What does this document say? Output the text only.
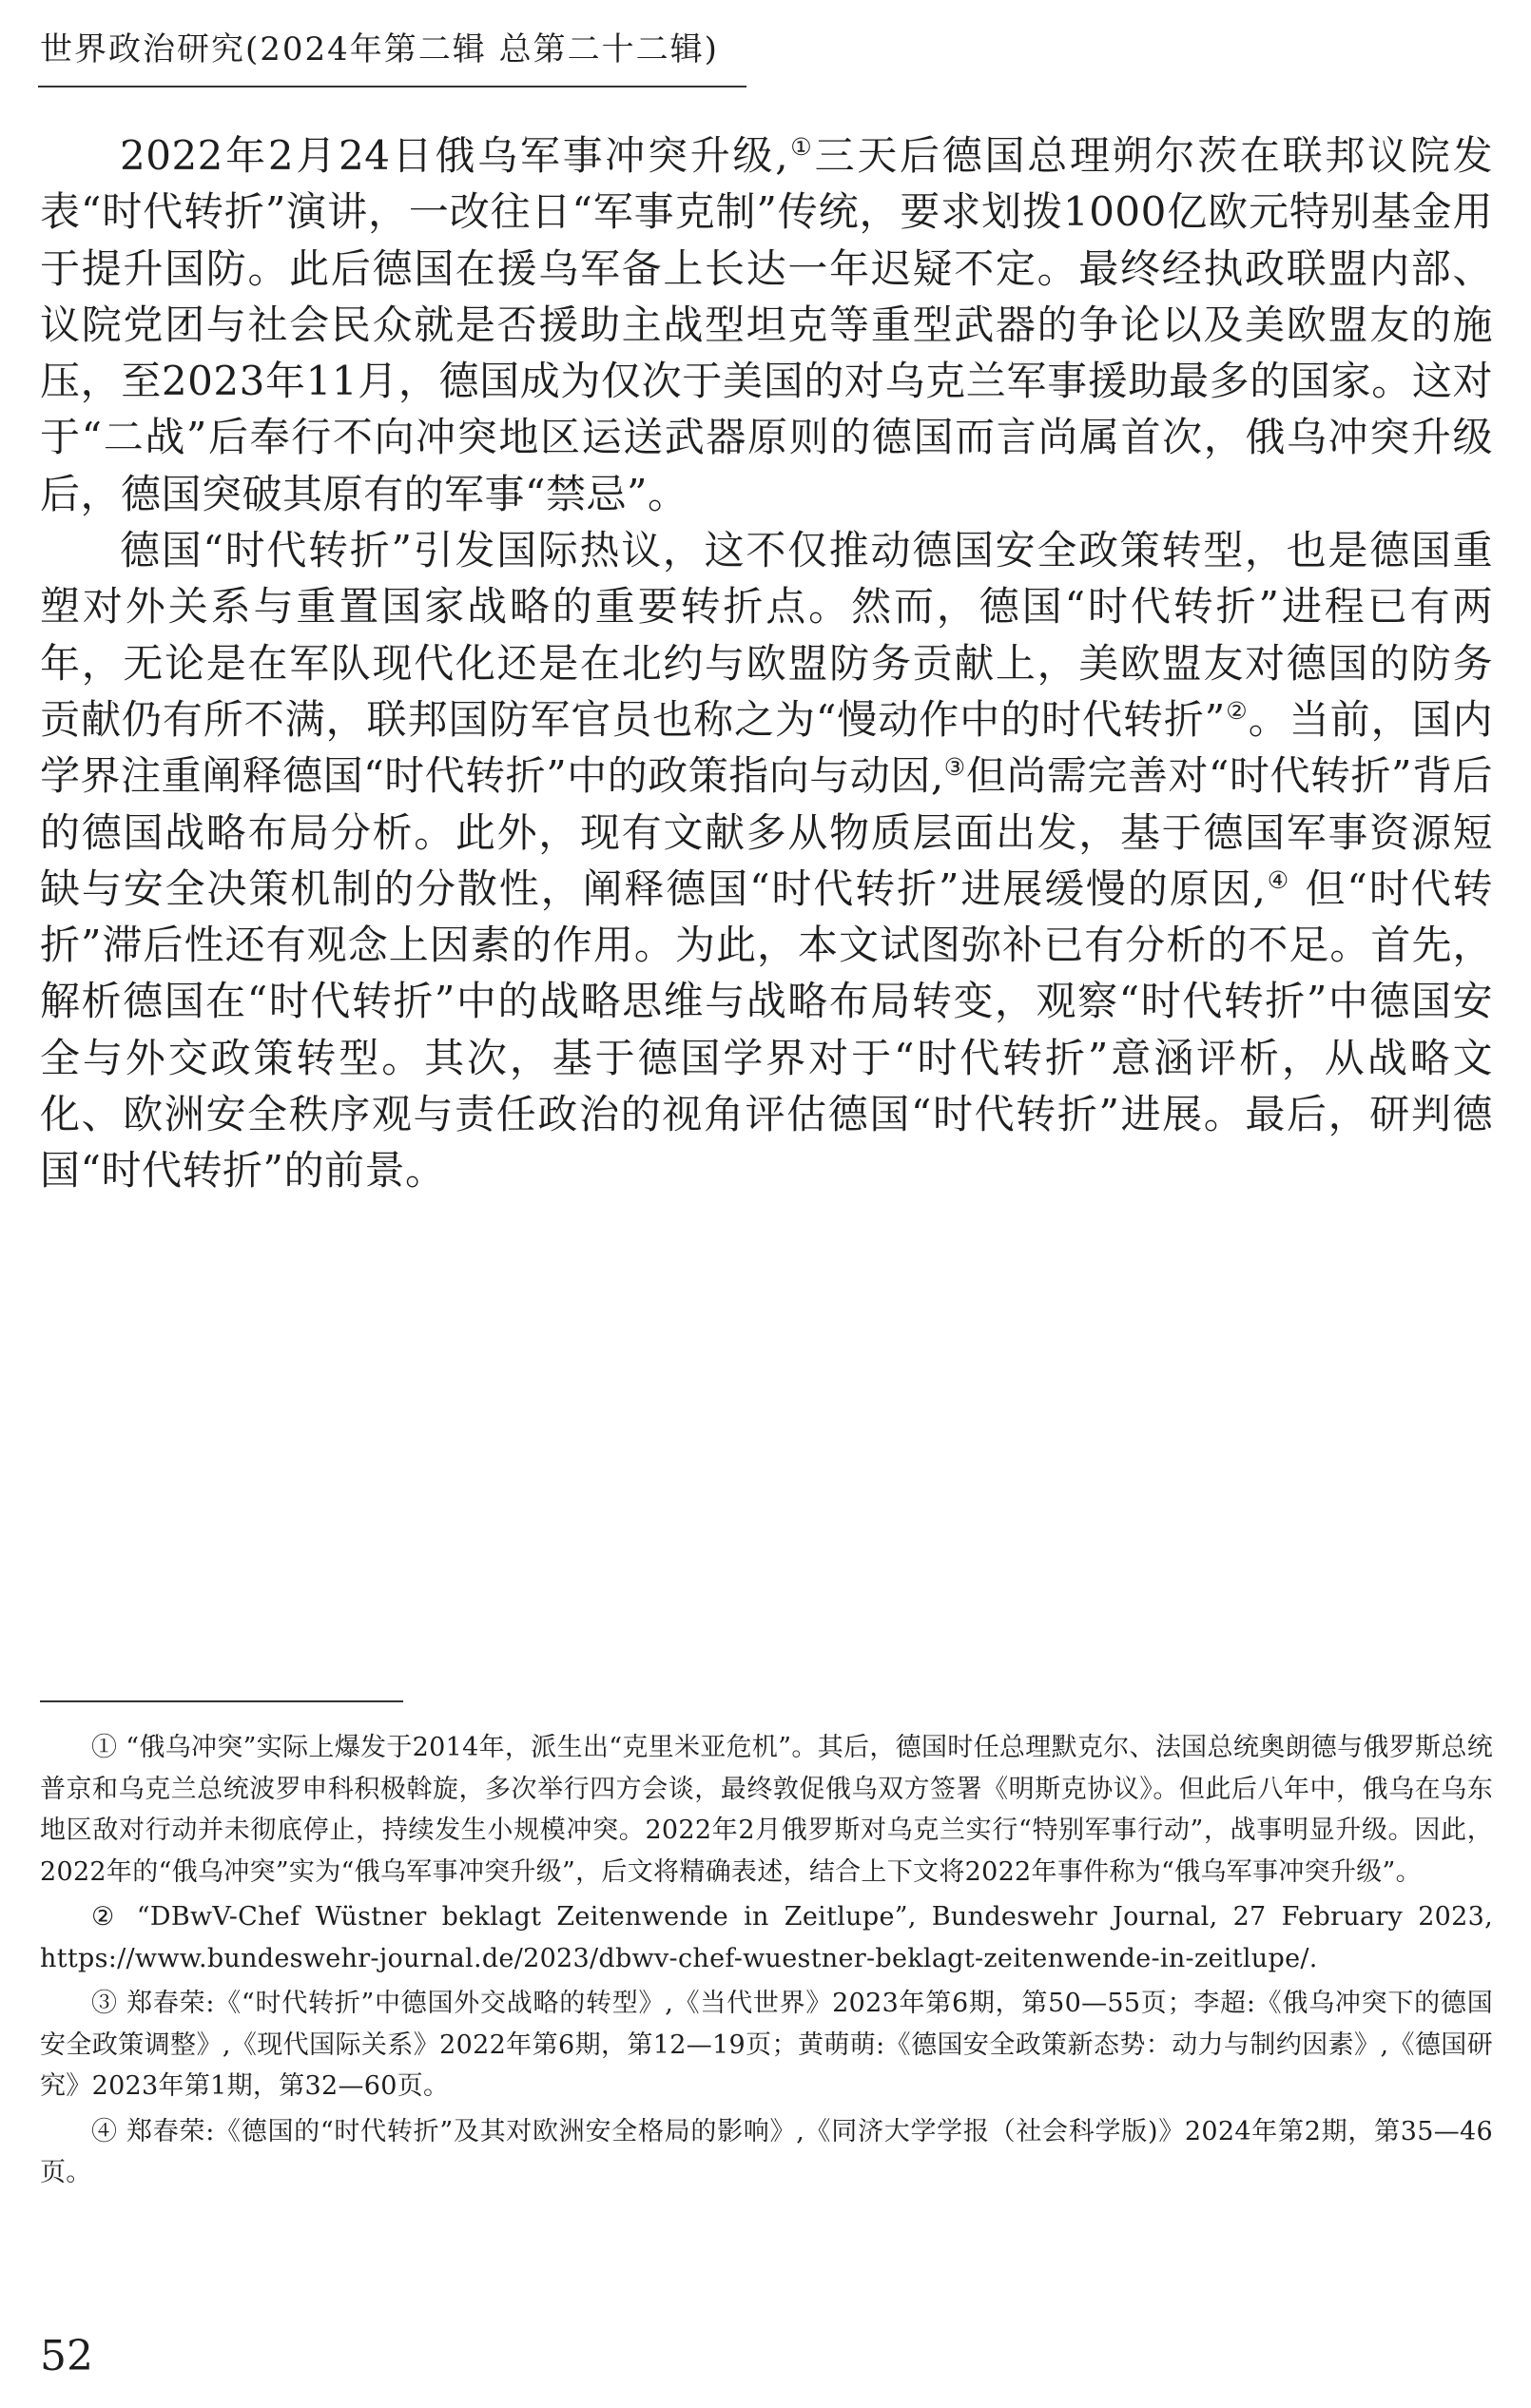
世界政治研究(2024年第二辑 总第二十二辑)

2022年2月24日俄乌军事冲突升级,①三天后德国总理朔尔茨在联邦议院发表“时代转折”演讲，一改往日“军事克制”传统，要求划拨1000亿欧元特别基金用于提升国防。此后德国在援乌军备上长达一年迟疑不定。最终经执政联盟内部、议院党团与社会民众就是否援助主战型坦克等重型武器的争论以及美欧盟友的施压，至2023年11月，德国成为仅次于美国的对乌克兰军事援助最多的国家。这对于“二战”后奉行不向冲突地区运送武器原则的德国而言尚属首次，俄乌冲突升级后，德国突破其原有的军事“禁忌”。

德国“时代转折”引发国际热议，这不仅推动德国安全政策转型，也是德国重塑对外关系与重置国家战略的重要转折点。然而，德国“时代转折”进程已有两年，无论是在军队现代化还是在北约与欧盟防务贡献上，美欧盟友对德国的防务贡献仍有所不满，联邦国防军官员也称之为“慢动作中的时代转折”②。当前，国内学界注重阐释德国“时代转折”中的政策指向与动因,③但尚需完善对“时代转折”背后的德国战略布局分析。此外，现有文献多从物质层面出发，基于德国军事资源短缺与安全决策机制的分散性，阐释德国“时代转折”进展缓慢的原因,④ 但“时代转折”滞后性还有观念上因素的作用。为此，本文试图弥补已有分析的不足。首先，解析德国在“时代转折”中的战略思维与战略布局转变，观察“时代转折”中德国安全与外交政策转型。其次，基于德国学界对于“时代转折”意涵评析，从战略文化、欧洲安全秩序观与责任政治的视角评估德国“时代转折”进展。最后，研判德国“时代转折”的前景。

① “俄乌冲突”实际上爆发于2014年，派生出“克里米亚危机”。其后，德国时任总理默克尔、法国总统奥朗德与俄罗斯总统普京和乌克兰总统波罗申科积极斡旋，多次举行四方会谈，最终敦促俄乌双方签署《明斯克协议》。但此后八年中，俄乌在乌东地区敌对行动并未彻底停止，持续发生小规模冲突。2022年2月俄罗斯对乌克兰实行“特别军事行动”，战事明显升级。因此，2022年的“俄乌冲突”实为“俄乌军事冲突升级”，后文将精确表述，结合上下文将2022年事件称为“俄乌军事冲突升级”。

② “DBwV-Chef Wüstner beklagt Zeitenwende in Zeitlupe”, Bundeswehr Journal, 27 February 2023, https://www.bundeswehr-journal.de/2023/dbwv-chef-wuestner-beklagt-zeitenwende-in-zeitlupe/.

③ 郑春荣:《“时代转折”中德国外交战略的转型》,《当代世界》2023年第6期，第50—55页；李超:《俄乌冲突下的德国安全政策调整》,《现代国际关系》2022年第6期，第12—19页；黄萌萌:《德国安全政策新态势：动力与制约因素》,《德国研究》2023年第1期，第32—60页。

④ 郑春荣:《德国的“时代转折”及其对欧洲安全格局的影响》,《同济大学学报（社会科学版)》2024年第2期，第35—46页。

52
